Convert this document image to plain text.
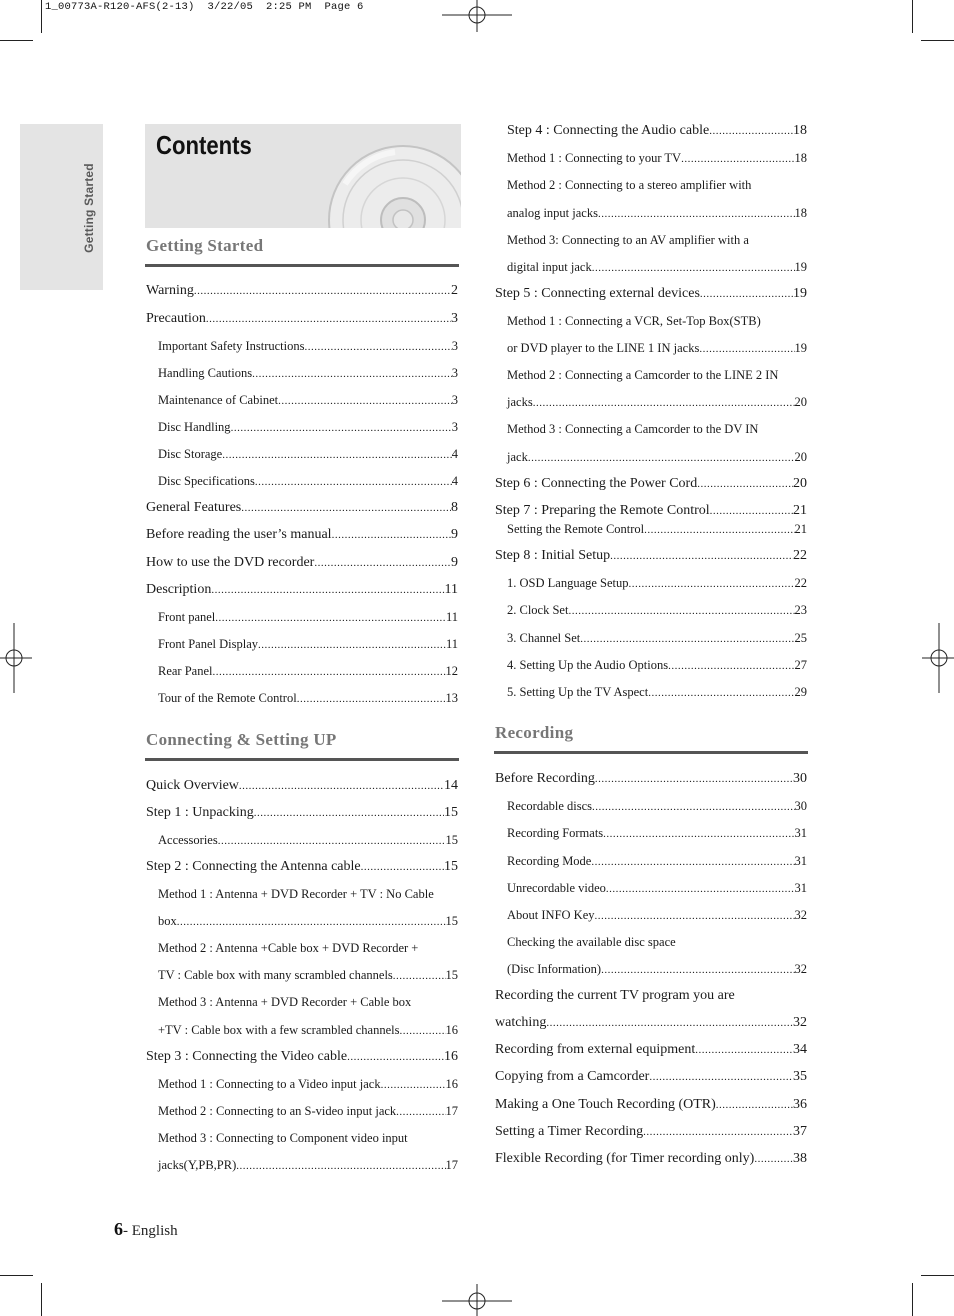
1_00773A-R120-AFS(2-13)  3/22/05  2:25 PM  Page 6
Getting Started
Contents
Getting Started
Warning .....	2
Precaution .....	3
Important Safety Instructions .....	3
Handling Cautions .....	3
Maintenance of Cabinet .....	3
Disc Handling .....	3
Disc Storage .....	4
Disc Specifications .....	4
General Features .....	8
Before reading the user’s manual .....	9
How to use the DVD recorder .....	9
Description .....	11
Front panel .....	11
Front Panel Display .....	11
Rear Panel .....	12
Tour of the Remote Control .....	13
Connecting & Setting UP
Quick Overview .....	14
Step 1 : Unpacking .....	15
Accessories .....	15
Step 2 : Connecting the Antenna cable .....	15
Method 1 : Antenna + DVD Recorder + TV : No Cable
box .....	15
Method 2 : Antenna +Cable box + DVD Recorder +
TV : Cable box with many scrambled channels .....	15
Method 3 : Antenna + DVD Recorder + Cable box
+TV : Cable box with a few scrambled channels .....	16
Step 3 : Connecting the Video cable .....	16
Method 1 : Connecting to a Video input jack .....	16
Method 2 : Connecting to an S-video input jack .....	17
Method 3 : Connecting to Component video input
jacks(Y,PB,PR) .....	17
Step 4 : Connecting the Audio cable .....	18
Method 1 : Connecting to your TV .....	18
Method 2 : Connecting to a stereo amplifier with
analog input jacks .....	18
Method 3: Connecting to an AV amplifier with a
digital input jack .....	19
Step 5 : Connecting external devices .....	19
Method 1 : Connecting a VCR, Set-Top Box(STB)
or DVD player to the LINE 1 IN jacks .....	19
Method 2 : Connecting a Camcorder to the LINE 2 IN
jacks .....	20
Method 3 : Connecting a Camcorder to the DV IN
jack .....	20
Step 6 : Connecting the Power Cord .....	20
Step 7 : Preparing the Remote Control .....	21
Setting the Remote Control .....	21
Step 8 : Initial Setup .....	22
1. OSD Language Setup .....	22
2. Clock Set .....	23
3. Channel Set .....	25
4. Setting Up the Audio Options .....	27
5. Setting Up the TV Aspect .....	29
Recording
Before Recording .....	30
Recordable discs .....	30
Recording Formats .....	31
Recording Mode .....	31
Unrecordable video .....	31
About INFO Key .....	32
Checking the available disc space
(Disc Information) .....	32
Recording the current TV program you are
watching .....	32
Recording from external equipment .....	34
Copying from a Camcorder .....	35
Making a One Touch Recording (OTR) .....	36
Setting a Timer Recording .....	37
Flexible Recording (for Timer recording only) .....	38
6- English
